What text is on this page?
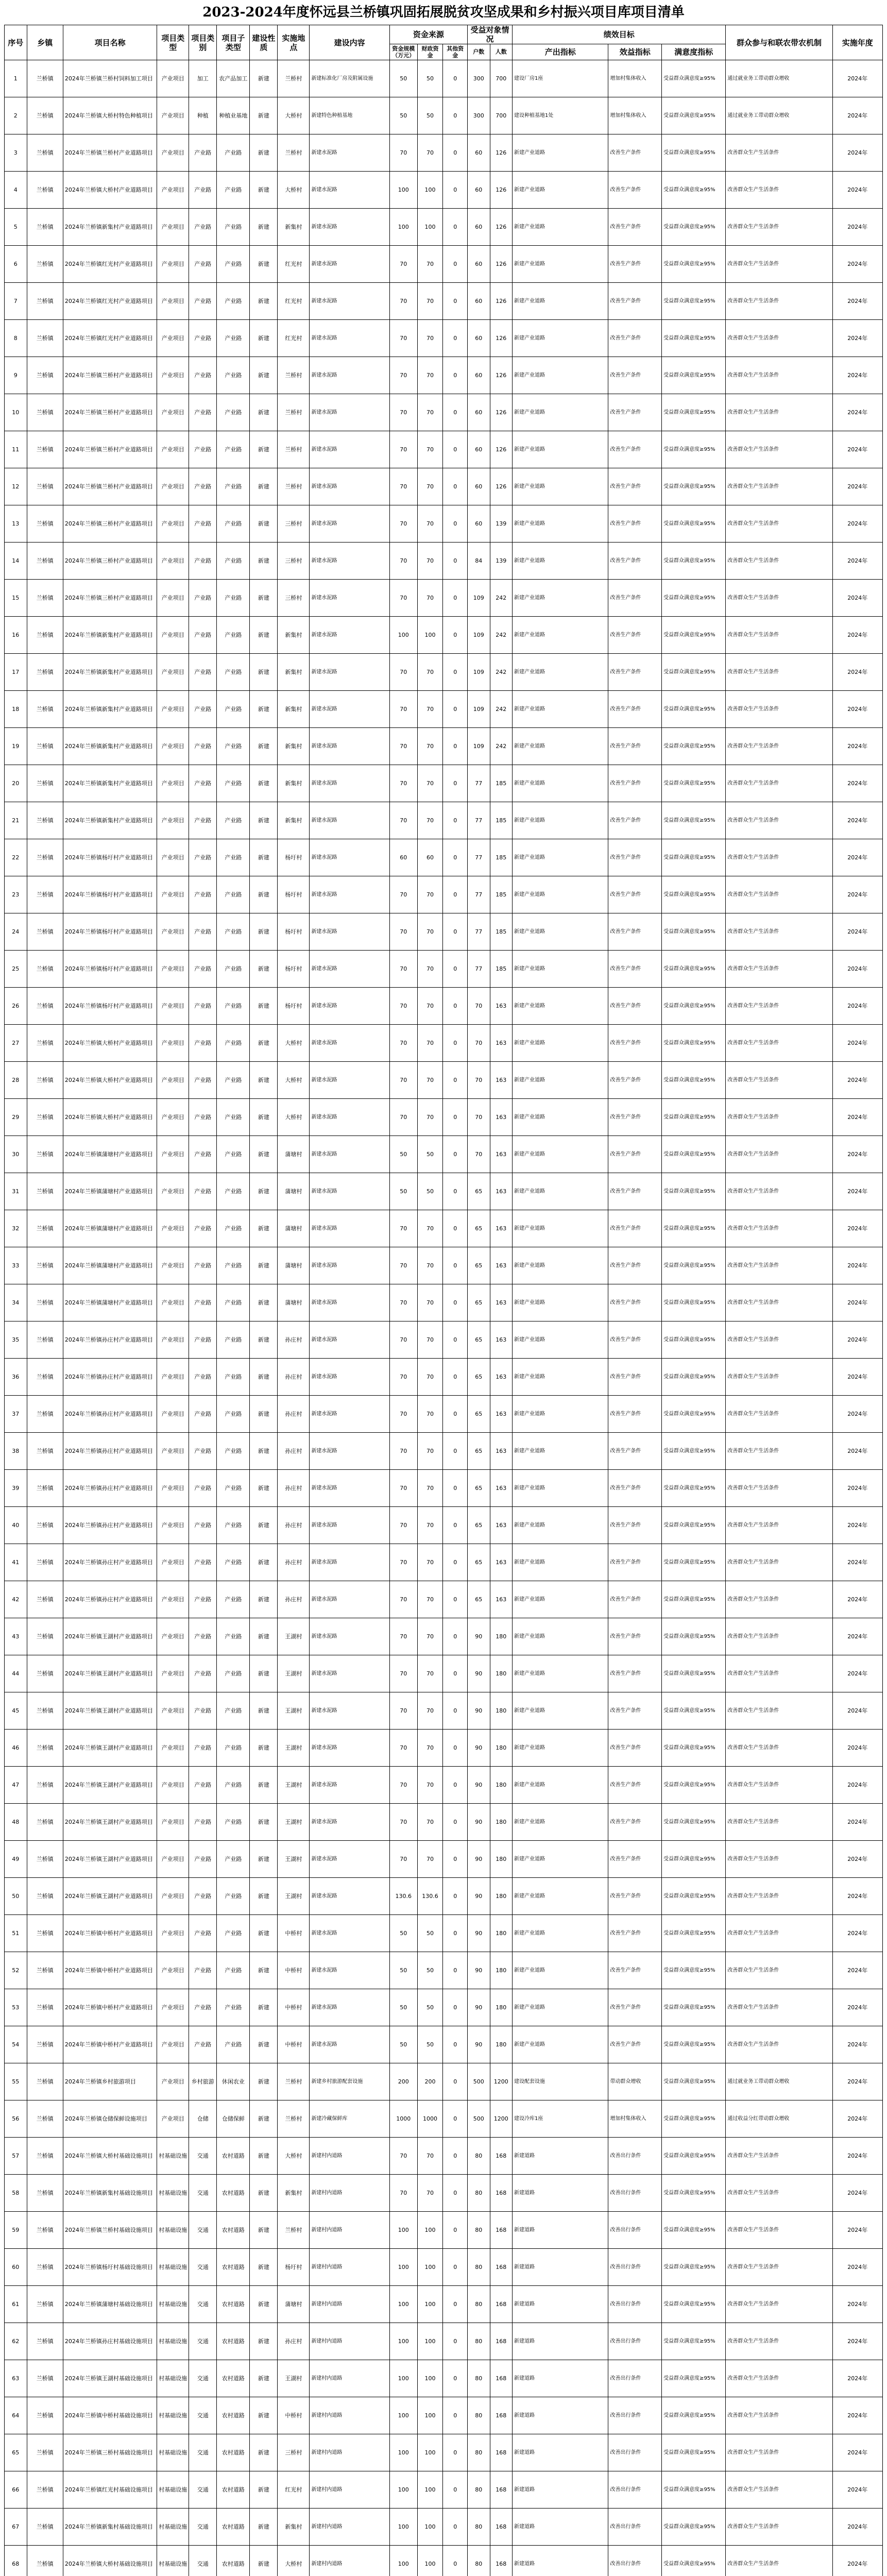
2023-2024年度怀远县兰桥镇巩固拓展脱贫攻坚成果和乡村振兴项目库项目清单
序号	乡镇	项目名称	项目类型	项目类别	项目子类型	建设性质	实施地点	建设内容	资金来源			受益对象情况		绩效目标			群众参与和联农带农机制	实施年度
									资金规模（万元）	财政资金	其他资金	户数	人数	产出指标	效益指标	满意度指标		
1	兰桥镇	2024年兰桥镇兰桥村饲料加工项目	产业项目	加工	农产品加工	新建	兰桥村	新建标准化厂房及附属设施	50	50	0	300	700	建设厂房1座	增加村集体收入	受益群众满意度≥95%	通过就业务工带动群众增收	2024年
2	兰桥镇	2024年兰桥镇大桥村特色种植项目	产业项目	种植	种植业基地	新建	大桥村	新建特色种植基地	50	50	0	300	700	建设种植基地1处	增加村集体收入	受益群众满意度≥95%	通过就业务工带动群众增收	2024年
3	兰桥镇	2024年兰桥镇兰桥村产业道路项目	产业项目	产业路	产业路	新建	兰桥村	新建水泥路	70	70	0	60	126	新建产业道路	改善生产条件	受益群众满意度≥95%	改善群众生产生活条件	2024年
4	兰桥镇	2024年兰桥镇大桥村产业道路项目	产业项目	产业路	产业路	新建	大桥村	新建水泥路	100	100	0	60	126	新建产业道路	改善生产条件	受益群众满意度≥95%	改善群众生产生活条件	2024年
5	兰桥镇	2024年兰桥镇新集村产业道路项目	产业项目	产业路	产业路	新建	新集村	新建水泥路	100	100	0	60	126	新建产业道路	改善生产条件	受益群众满意度≥95%	改善群众生产生活条件	2024年
6	兰桥镇	2024年兰桥镇红光村产业道路项目	产业项目	产业路	产业路	新建	红光村	新建水泥路	70	70	0	60	126	新建产业道路	改善生产条件	受益群众满意度≥95%	改善群众生产生活条件	2024年
7	兰桥镇	2024年兰桥镇红光村产业道路项目	产业项目	产业路	产业路	新建	红光村	新建水泥路	70	70	0	60	126	新建产业道路	改善生产条件	受益群众满意度≥95%	改善群众生产生活条件	2024年
8	兰桥镇	2024年兰桥镇红光村产业道路项目	产业项目	产业路	产业路	新建	红光村	新建水泥路	70	70	0	60	126	新建产业道路	改善生产条件	受益群众满意度≥95%	改善群众生产生活条件	2024年
9	兰桥镇	2024年兰桥镇兰桥村产业道路项目	产业项目	产业路	产业路	新建	兰桥村	新建水泥路	70	70	0	60	126	新建产业道路	改善生产条件	受益群众满意度≥95%	改善群众生产生活条件	2024年
10	兰桥镇	2024年兰桥镇兰桥村产业道路项目	产业项目	产业路	产业路	新建	兰桥村	新建水泥路	70	70	0	60	126	新建产业道路	改善生产条件	受益群众满意度≥95%	改善群众生产生活条件	2024年
11	兰桥镇	2024年兰桥镇兰桥村产业道路项目	产业项目	产业路	产业路	新建	兰桥村	新建水泥路	70	70	0	60	126	新建产业道路	改善生产条件	受益群众满意度≥95%	改善群众生产生活条件	2024年
12	兰桥镇	2024年兰桥镇兰桥村产业道路项目	产业项目	产业路	产业路	新建	兰桥村	新建水泥路	70	70	0	60	126	新建产业道路	改善生产条件	受益群众满意度≥95%	改善群众生产生活条件	2024年
13	兰桥镇	2024年兰桥镇三桥村产业道路项目	产业项目	产业路	产业路	新建	三桥村	新建水泥路	70	70	0	60	139	新建产业道路	改善生产条件	受益群众满意度≥95%	改善群众生产生活条件	2024年
14	兰桥镇	2024年兰桥镇三桥村产业道路项目	产业项目	产业路	产业路	新建	三桥村	新建水泥路	70	70	0	84	139	新建产业道路	改善生产条件	受益群众满意度≥95%	改善群众生产生活条件	2024年
15	兰桥镇	2024年兰桥镇三桥村产业道路项目	产业项目	产业路	产业路	新建	三桥村	新建水泥路	70	70	0	109	242	新建产业道路	改善生产条件	受益群众满意度≥95%	改善群众生产生活条件	2024年
16	兰桥镇	2024年兰桥镇新集村产业道路项目	产业项目	产业路	产业路	新建	新集村	新建水泥路	100	100	0	109	242	新建产业道路	改善生产条件	受益群众满意度≥95%	改善群众生产生活条件	2024年
17	兰桥镇	2024年兰桥镇新集村产业道路项目	产业项目	产业路	产业路	新建	新集村	新建水泥路	70	70	0	109	242	新建产业道路	改善生产条件	受益群众满意度≥95%	改善群众生产生活条件	2024年
18	兰桥镇	2024年兰桥镇新集村产业道路项目	产业项目	产业路	产业路	新建	新集村	新建水泥路	70	70	0	109	242	新建产业道路	改善生产条件	受益群众满意度≥95%	改善群众生产生活条件	2024年
19	兰桥镇	2024年兰桥镇新集村产业道路项目	产业项目	产业路	产业路	新建	新集村	新建水泥路	70	70	0	109	242	新建产业道路	改善生产条件	受益群众满意度≥95%	改善群众生产生活条件	2024年
20	兰桥镇	2024年兰桥镇新集村产业道路项目	产业项目	产业路	产业路	新建	新集村	新建水泥路	70	70	0	77	185	新建产业道路	改善生产条件	受益群众满意度≥95%	改善群众生产生活条件	2024年
21	兰桥镇	2024年兰桥镇新集村产业道路项目	产业项目	产业路	产业路	新建	新集村	新建水泥路	70	70	0	77	185	新建产业道路	改善生产条件	受益群众满意度≥95%	改善群众生产生活条件	2024年
22	兰桥镇	2024年兰桥镇杨圩村产业道路项目	产业项目	产业路	产业路	新建	杨圩村	新建水泥路	60	60	0	77	185	新建产业道路	改善生产条件	受益群众满意度≥95%	改善群众生产生活条件	2024年
23	兰桥镇	2024年兰桥镇杨圩村产业道路项目	产业项目	产业路	产业路	新建	杨圩村	新建水泥路	70	70	0	77	185	新建产业道路	改善生产条件	受益群众满意度≥95%	改善群众生产生活条件	2024年
24	兰桥镇	2024年兰桥镇杨圩村产业道路项目	产业项目	产业路	产业路	新建	杨圩村	新建水泥路	70	70	0	77	185	新建产业道路	改善生产条件	受益群众满意度≥95%	改善群众生产生活条件	2024年
25	兰桥镇	2024年兰桥镇杨圩村产业道路项目	产业项目	产业路	产业路	新建	杨圩村	新建水泥路	70	70	0	77	185	新建产业道路	改善生产条件	受益群众满意度≥95%	改善群众生产生活条件	2024年
26	兰桥镇	2024年兰桥镇杨圩村产业道路项目	产业项目	产业路	产业路	新建	杨圩村	新建水泥路	70	70	0	70	163	新建产业道路	改善生产条件	受益群众满意度≥95%	改善群众生产生活条件	2024年
27	兰桥镇	2024年兰桥镇大桥村产业道路项目	产业项目	产业路	产业路	新建	大桥村	新建水泥路	70	70	0	70	163	新建产业道路	改善生产条件	受益群众满意度≥95%	改善群众生产生活条件	2024年
28	兰桥镇	2024年兰桥镇大桥村产业道路项目	产业项目	产业路	产业路	新建	大桥村	新建水泥路	70	70	0	70	163	新建产业道路	改善生产条件	受益群众满意度≥95%	改善群众生产生活条件	2024年
29	兰桥镇	2024年兰桥镇大桥村产业道路项目	产业项目	产业路	产业路	新建	大桥村	新建水泥路	70	70	0	70	163	新建产业道路	改善生产条件	受益群众满意度≥95%	改善群众生产生活条件	2024年
30	兰桥镇	2024年兰桥镇蒲塘村产业道路项目	产业项目	产业路	产业路	新建	蒲塘村	新建水泥路	50	50	0	70	163	新建产业道路	改善生产条件	受益群众满意度≥95%	改善群众生产生活条件	2024年
31	兰桥镇	2024年兰桥镇蒲塘村产业道路项目	产业项目	产业路	产业路	新建	蒲塘村	新建水泥路	50	50	0	65	163	新建产业道路	改善生产条件	受益群众满意度≥95%	改善群众生产生活条件	2024年
32	兰桥镇	2024年兰桥镇蒲塘村产业道路项目	产业项目	产业路	产业路	新建	蒲塘村	新建水泥路	70	70	0	65	163	新建产业道路	改善生产条件	受益群众满意度≥95%	改善群众生产生活条件	2024年
33	兰桥镇	2024年兰桥镇蒲塘村产业道路项目	产业项目	产业路	产业路	新建	蒲塘村	新建水泥路	70	70	0	65	163	新建产业道路	改善生产条件	受益群众满意度≥95%	改善群众生产生活条件	2024年
34	兰桥镇	2024年兰桥镇蒲塘村产业道路项目	产业项目	产业路	产业路	新建	蒲塘村	新建水泥路	70	70	0	65	163	新建产业道路	改善生产条件	受益群众满意度≥95%	改善群众生产生活条件	2024年
35	兰桥镇	2024年兰桥镇孙庄村产业道路项目	产业项目	产业路	产业路	新建	孙庄村	新建水泥路	70	70	0	65	163	新建产业道路	改善生产条件	受益群众满意度≥95%	改善群众生产生活条件	2024年
36	兰桥镇	2024年兰桥镇孙庄村产业道路项目	产业项目	产业路	产业路	新建	孙庄村	新建水泥路	70	70	0	65	163	新建产业道路	改善生产条件	受益群众满意度≥95%	改善群众生产生活条件	2024年
37	兰桥镇	2024年兰桥镇孙庄村产业道路项目	产业项目	产业路	产业路	新建	孙庄村	新建水泥路	70	70	0	65	163	新建产业道路	改善生产条件	受益群众满意度≥95%	改善群众生产生活条件	2024年
38	兰桥镇	2024年兰桥镇孙庄村产业道路项目	产业项目	产业路	产业路	新建	孙庄村	新建水泥路	70	70	0	65	163	新建产业道路	改善生产条件	受益群众满意度≥95%	改善群众生产生活条件	2024年
39	兰桥镇	2024年兰桥镇孙庄村产业道路项目	产业项目	产业路	产业路	新建	孙庄村	新建水泥路	70	70	0	65	163	新建产业道路	改善生产条件	受益群众满意度≥95%	改善群众生产生活条件	2024年
40	兰桥镇	2024年兰桥镇孙庄村产业道路项目	产业项目	产业路	产业路	新建	孙庄村	新建水泥路	70	70	0	65	163	新建产业道路	改善生产条件	受益群众满意度≥95%	改善群众生产生活条件	2024年
41	兰桥镇	2024年兰桥镇孙庄村产业道路项目	产业项目	产业路	产业路	新建	孙庄村	新建水泥路	70	70	0	65	163	新建产业道路	改善生产条件	受益群众满意度≥95%	改善群众生产生活条件	2024年
42	兰桥镇	2024年兰桥镇孙庄村产业道路项目	产业项目	产业路	产业路	新建	孙庄村	新建水泥路	70	70	0	65	163	新建产业道路	改善生产条件	受益群众满意度≥95%	改善群众生产生活条件	2024年
43	兰桥镇	2024年兰桥镇王湖村产业道路项目	产业项目	产业路	产业路	新建	王湖村	新建水泥路	70	70	0	90	180	新建产业道路	改善生产条件	受益群众满意度≥95%	改善群众生产生活条件	2024年
44	兰桥镇	2024年兰桥镇王湖村产业道路项目	产业项目	产业路	产业路	新建	王湖村	新建水泥路	70	70	0	90	180	新建产业道路	改善生产条件	受益群众满意度≥95%	改善群众生产生活条件	2024年
45	兰桥镇	2024年兰桥镇王湖村产业道路项目	产业项目	产业路	产业路	新建	王湖村	新建水泥路	70	70	0	90	180	新建产业道路	改善生产条件	受益群众满意度≥95%	改善群众生产生活条件	2024年
46	兰桥镇	2024年兰桥镇王湖村产业道路项目	产业项目	产业路	产业路	新建	王湖村	新建水泥路	70	70	0	90	180	新建产业道路	改善生产条件	受益群众满意度≥95%	改善群众生产生活条件	2024年
47	兰桥镇	2024年兰桥镇王湖村产业道路项目	产业项目	产业路	产业路	新建	王湖村	新建水泥路	70	70	0	90	180	新建产业道路	改善生产条件	受益群众满意度≥95%	改善群众生产生活条件	2024年
48	兰桥镇	2024年兰桥镇王湖村产业道路项目	产业项目	产业路	产业路	新建	王湖村	新建水泥路	70	70	0	90	180	新建产业道路	改善生产条件	受益群众满意度≥95%	改善群众生产生活条件	2024年
49	兰桥镇	2024年兰桥镇王湖村产业道路项目	产业项目	产业路	产业路	新建	王湖村	新建水泥路	70	70	0	90	180	新建产业道路	改善生产条件	受益群众满意度≥95%	改善群众生产生活条件	2024年
50	兰桥镇	2024年兰桥镇王湖村产业道路项目	产业项目	产业路	产业路	新建	王湖村	新建水泥路	130.6	130.6	0	90	180	新建产业道路	改善生产条件	受益群众满意度≥95%	改善群众生产生活条件	2024年
51	兰桥镇	2024年兰桥镇中桥村产业道路项目	产业项目	产业路	产业路	新建	中桥村	新建水泥路	50	50	0	90	180	新建产业道路	改善生产条件	受益群众满意度≥95%	改善群众生产生活条件	2024年
52	兰桥镇	2024年兰桥镇中桥村产业道路项目	产业项目	产业路	产业路	新建	中桥村	新建水泥路	50	50	0	90	180	新建产业道路	改善生产条件	受益群众满意度≥95%	改善群众生产生活条件	2024年
53	兰桥镇	2024年兰桥镇中桥村产业道路项目	产业项目	产业路	产业路	新建	中桥村	新建水泥路	50	50	0	90	180	新建产业道路	改善生产条件	受益群众满意度≥95%	改善群众生产生活条件	2024年
54	兰桥镇	2024年兰桥镇中桥村产业道路项目	产业项目	产业路	产业路	新建	中桥村	新建水泥路	50	50	0	90	180	新建产业道路	改善生产条件	受益群众满意度≥95%	改善群众生产生活条件	2024年
55	兰桥镇	2024年兰桥镇乡村旅游项目	产业项目	乡村旅游	休闲农业	新建	兰桥村	新建乡村旅游配套设施	200	200	0	500	1200	建设配套设施	带动群众增收	受益群众满意度≥95%	通过就业务工带动群众增收	2024年
56	兰桥镇	2024年兰桥镇仓储保鲜设施项目	产业项目	仓储	仓储保鲜	新建	兰桥村	新建冷藏保鲜库	1000	1000	0	500	1200	建设冷库1座	增加村集体收入	受益群众满意度≥95%	通过收益分红带动群众增收	2024年
57	兰桥镇	2024年兰桥镇大桥村基础设施项目	村基础设施	交通	农村道路	新建	大桥村	新建村内道路	70	70	0	80	168	新建道路	改善出行条件	受益群众满意度≥95%	改善群众生产生活条件	2024年
58	兰桥镇	2024年兰桥镇新集村基础设施项目	村基础设施	交通	农村道路	新建	新集村	新建村内道路	70	70	0	80	168	新建道路	改善出行条件	受益群众满意度≥95%	改善群众生产生活条件	2024年
59	兰桥镇	2024年兰桥镇兰桥村基础设施项目	村基础设施	交通	农村道路	新建	兰桥村	新建村内道路	100	100	0	80	168	新建道路	改善出行条件	受益群众满意度≥95%	改善群众生产生活条件	2024年
60	兰桥镇	2024年兰桥镇杨圩村基础设施项目	村基础设施	交通	农村道路	新建	杨圩村	新建村内道路	100	100	0	80	168	新建道路	改善出行条件	受益群众满意度≥95%	改善群众生产生活条件	2024年
61	兰桥镇	2024年兰桥镇蒲塘村基础设施项目	村基础设施	交通	农村道路	新建	蒲塘村	新建村内道路	100	100	0	80	168	新建道路	改善出行条件	受益群众满意度≥95%	改善群众生产生活条件	2024年
62	兰桥镇	2024年兰桥镇孙庄村基础设施项目	村基础设施	交通	农村道路	新建	孙庄村	新建村内道路	100	100	0	80	168	新建道路	改善出行条件	受益群众满意度≥95%	改善群众生产生活条件	2024年
63	兰桥镇	2024年兰桥镇王湖村基础设施项目	村基础设施	交通	农村道路	新建	王湖村	新建村内道路	100	100	0	80	168	新建道路	改善出行条件	受益群众满意度≥95%	改善群众生产生活条件	2024年
64	兰桥镇	2024年兰桥镇中桥村基础设施项目	村基础设施	交通	农村道路	新建	中桥村	新建村内道路	100	100	0	80	168	新建道路	改善出行条件	受益群众满意度≥95%	改善群众生产生活条件	2024年
65	兰桥镇	2024年兰桥镇三桥村基础设施项目	村基础设施	交通	农村道路	新建	三桥村	新建村内道路	100	100	0	80	168	新建道路	改善出行条件	受益群众满意度≥95%	改善群众生产生活条件	2024年
66	兰桥镇	2024年兰桥镇红光村基础设施项目	村基础设施	交通	农村道路	新建	红光村	新建村内道路	100	100	0	80	168	新建道路	改善出行条件	受益群众满意度≥95%	改善群众生产生活条件	2024年
67	兰桥镇	2024年兰桥镇新集村基础设施项目	村基础设施	交通	农村道路	新建	新集村	新建村内道路	100	100	0	80	168	新建道路	改善出行条件	受益群众满意度≥95%	改善群众生产生活条件	2024年
68	兰桥镇	2024年兰桥镇大桥村基础设施项目	村基础设施	交通	农村道路	新建	大桥村	新建村内道路	100	100	0	80	168	新建道路	改善出行条件	受益群众满意度≥95%	改善群众生产生活条件	2024年
